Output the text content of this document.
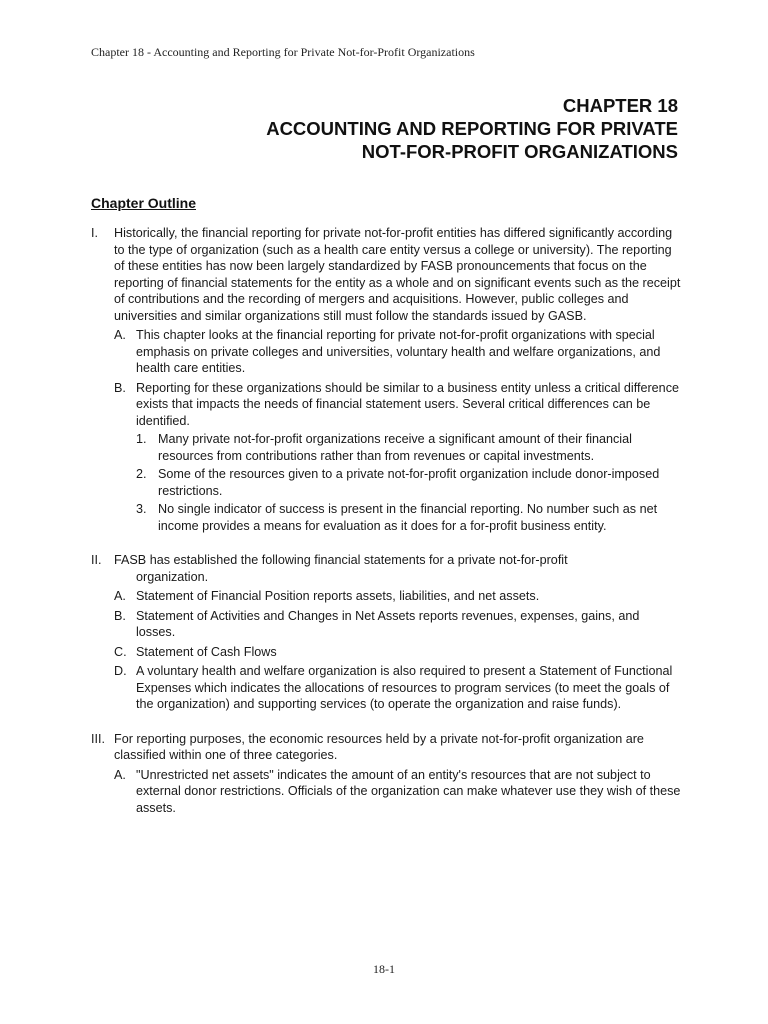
Chapter 18 - Accounting and Reporting for Private Not-for-Profit Organizations
CHAPTER 18
ACCOUNTING AND REPORTING FOR PRIVATE
NOT-FOR-PROFIT ORGANIZATIONS
Chapter Outline
I.	Historically, the financial reporting for private not-for-profit entities has differed significantly according to the type of organization (such as a health care entity versus a college or university). The reporting of these entities has now been largely standardized by FASB pronouncements that focus on the reporting of financial statements for the entity as a whole and on significant events such as the receipt of contributions and the recording of mergers and acquisitions. However, public colleges and universities and similar organizations still must follow the standards issued by GASB.
A. This chapter looks at the financial reporting for private not-for-profit organizations with special emphasis on private colleges and universities, voluntary health and welfare organizations, and health care entities.
B. Reporting for these organizations should be similar to a business entity unless a critical difference exists that impacts the needs of financial statement users. Several critical differences can be identified.
1. Many private not-for-profit organizations receive a significant amount of their financial resources from contributions rather than from revenues or capital investments.
2. Some of the resources given to a private not-for-profit organization include donor-imposed restrictions.
3. No single indicator of success is present in the financial reporting. No number such as net income provides a means for evaluation as it does for a for-profit business entity.
II. FASB has established the following financial statements for a private not-for-profit
organization.
A. Statement of Financial Position reports assets, liabilities, and net assets.
B. Statement of Activities and Changes in Net Assets reports revenues, expenses, gains, and losses.
C. Statement of Cash Flows
D. A voluntary health and welfare organization is also required to present a Statement of Functional Expenses which indicates the allocations of resources to program services (to meet the goals of the organization) and supporting services (to operate the organization and raise funds).
III. For reporting purposes, the economic resources held by a private not-for-profit organization are classified within one of three categories.
A. "Unrestricted net assets" indicates the amount of an entity's resources that are not subject to external donor restrictions. Officials of the organization can make whatever use they wish of these assets.
18-1
